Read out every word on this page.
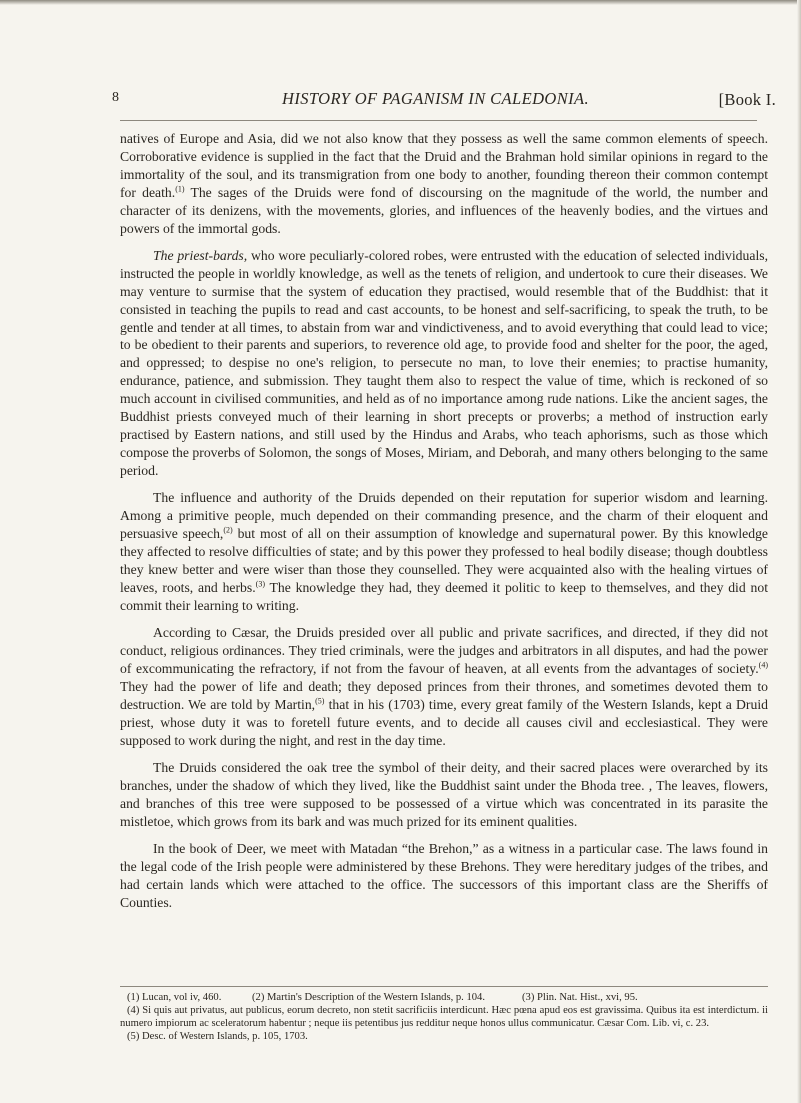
8	HISTORY OF PAGANISM IN CALEDONIA.	[Book I.

natives of Europe and Asia, did we not also know that they possess as well the same common elements of speech. Corroborative evidence is supplied in the fact that the Druid and the Brahman hold similar opinions in regard to the immortality of the soul, and its transmigration from one body to another, founding thereon their common contempt for death.$^{(1)}$ The sages of the Druids were fond of discoursing on the magnitude of the world, the number and character of its denizens, with the movements, glories, and influences of the heavenly bodies, and the virtues and powers of the immortal gods.

The priest-bards, who wore peculiarly-colored robes, were entrusted with the education of selected individuals, instructed the people in worldly knowledge, as well as the tenets of religion, and undertook to cure their diseases. We may venture to surmise that the system of education they practised, would resemble that of the Buddhist: that it consisted in teaching the pupils to read and cast accounts, to be honest and self-sacrificing, to speak the truth, to be gentle and tender at all times, to abstain from war and vindictiveness, and to avoid everything that could lead to vice; to be obedient to their parents and superiors, to reverence old age, to provide food and shelter for the poor, the aged, and oppressed; to despise no one's religion, to persecute no man, to love their enemies; to practise humanity, endurance, patience, and submission. They taught them also to respect the value of time, which is reckoned of so much account in civilised communities, and held as of no importance among rude nations. Like the ancient sages, the Buddhist priests conveyed much of their learning in short precepts or proverbs; a method of instruction early practised by Eastern nations, and still used by the Hindus and Arabs, who teach aphorisms, such as those which compose the proverbs of Solomon, the songs of Moses, Miriam, and Deborah, and many others belonging to the same period.

The influence and authority of the Druids depended on their reputation for superior wisdom and learning. Among a primitive people, much depended on their commanding presence, and the charm of their eloquent and persuasive speech,$^{(2)}$ but most of all on their assumption of knowledge and supernatural power. By this knowledge they affected to resolve difficulties of state; and by this power they professed to heal bodily disease; though doubtless they knew better and were wiser than those they counselled. They were acquainted also with the healing virtues of leaves, roots, and herbs.$^{(3)}$ The knowledge they had, they deemed it politic to keep to themselves, and they did not commit their learning to writing.

According to Cæsar, the Druids presided over all public and private sacrifices, and directed, if they did not conduct, religious ordinances. They tried criminals, were the judges and arbitrators in all disputes, and had the power of excommunicating the refractory, if not from the favour of heaven, at all events from the advantages of society.$^{(4)}$ They had the power of life and death; they deposed princes from their thrones, and sometimes devoted them to destruction. We are told by Martin,$^{(5)}$ that in his (1703) time, every great family of the Western Islands, kept a Druid priest, whose duty it was to foretell future events, and to decide all causes civil and ecclesiastical. They were supposed to work during the night, and rest in the day time.

The Druids considered the oak tree the symbol of their deity, and their sacred places were overarched by its branches, under the shadow of which they lived, like the Buddhist saint under the Bhoda tree. , The leaves, flowers, and branches of this tree were supposed to be possessed of a virtue which was concentrated in its parasite the mistletoe, which grows from its bark and was much prized for its eminent qualities.

In the book of Deer, we meet with Matadan “the Brehon,” as a witness in a particular case. The laws found in the legal code of the Irish people were administered by these Brehons. They were hereditary judges of the tribes, and had certain lands which were attached to the office. The successors of this important class are the Sheriffs of Counties.

(1) Lucan, vol iv, 460.	(2) Martin's Description of the Western Islands, p. 104.	(3) Plin. Nat. Hist., xvi, 95.
(4) Si quis aut privatus, aut publicus, eorum decreto, non stetit sacrificiis interdicunt. Hæc pœna apud eos est gravissima. Quibus ita est interdictum. ii numero impiorum ac sceleratorum habentur ; neque iis petentibus jus redditur neque honos ullus communicatur. Cæsar Com. Lib. vi, c. 23.
(5) Desc. of Western Islands, p. 105, 1703.
